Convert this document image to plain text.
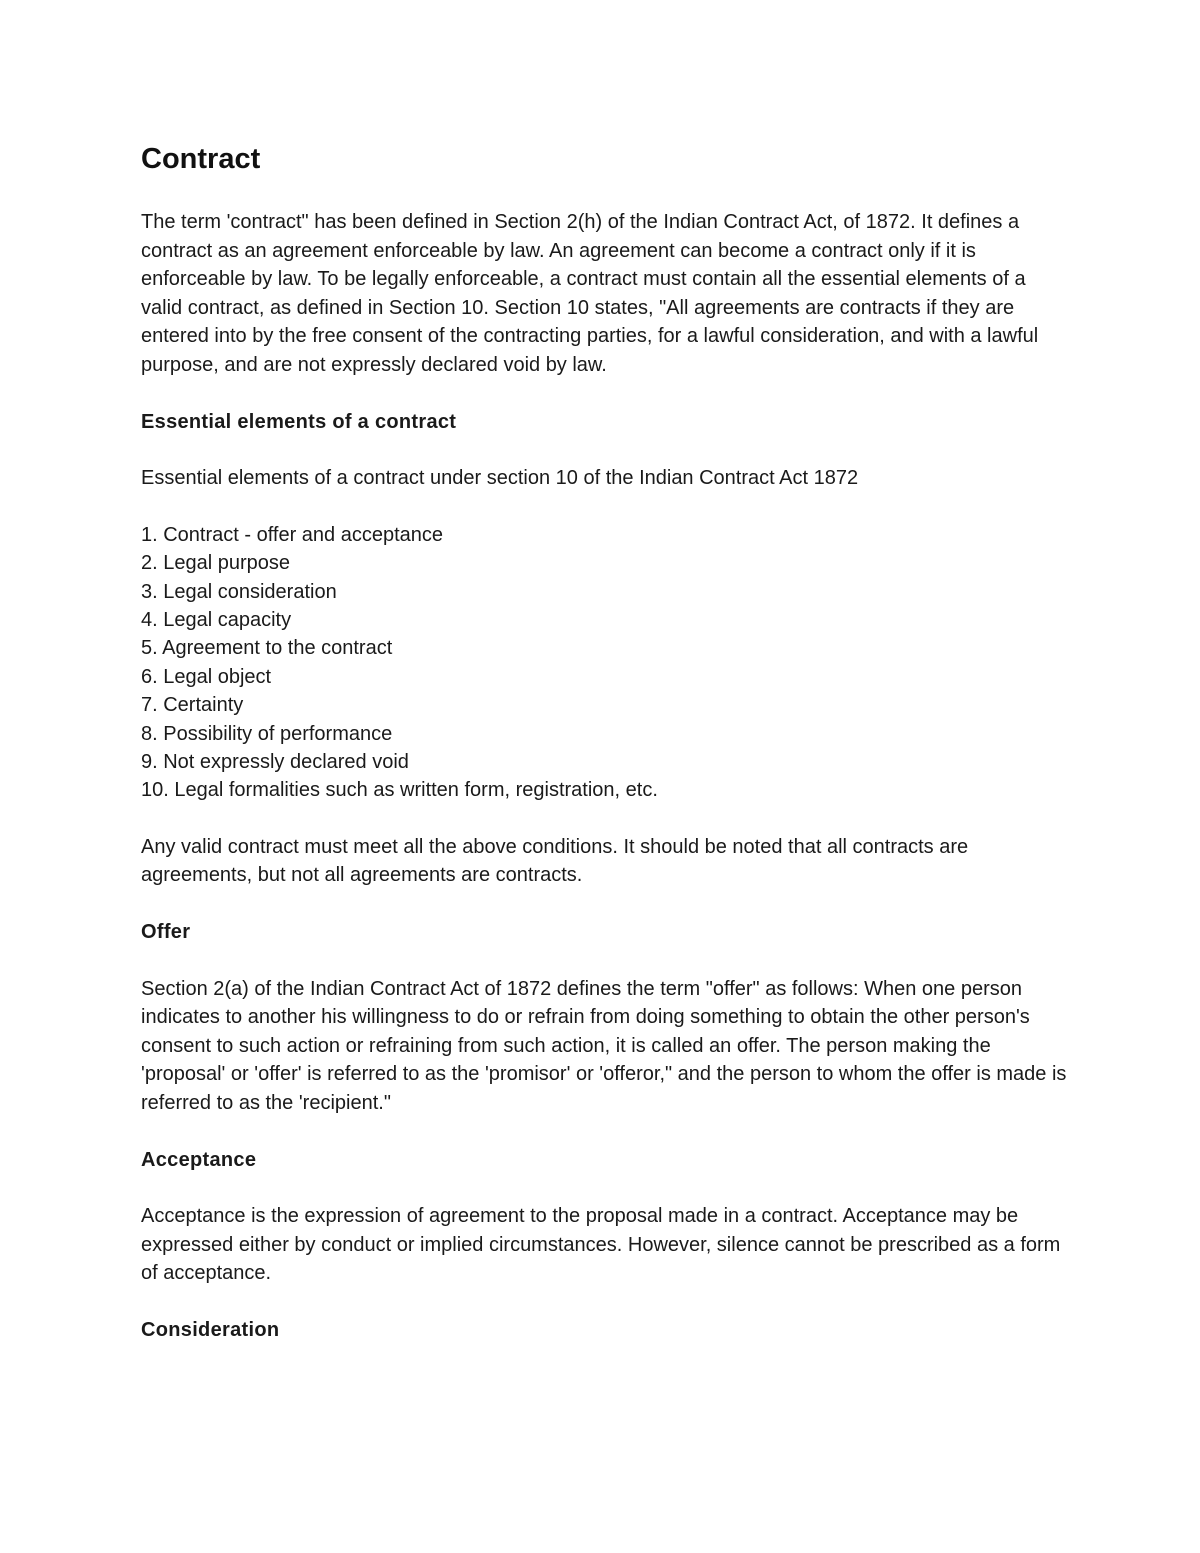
Contract

The term 'contract" has been defined in Section 2(h) of the Indian Contract Act, of 1872. It defines a contract as an agreement enforceable by law. An agreement can become a contract only if it is enforceable by law. To be legally enforceable, a contract must contain all the essential elements of a valid contract, as defined in Section 10. Section 10 states, "All agreements are contracts if they are entered into by the free consent of the contracting parties, for a lawful consideration, and with a lawful purpose, and are not expressly declared void by law.

Essential elements of a contract

Essential elements of a contract under section 10 of the Indian Contract Act 1872

1. Contract - offer and acceptance
2. Legal purpose
3. Legal consideration
4. Legal capacity
5. Agreement to the contract
6. Legal object
7. Certainty
8. Possibility of performance
9. Not expressly declared void
10. Legal formalities such as written form, registration, etc.

Any valid contract must meet all the above conditions. It should be noted that all contracts are agreements, but not all agreements are contracts.

Offer

Section 2(a) of the Indian Contract Act of 1872 defines the term "offer" as follows: When one person indicates to another his willingness to do or refrain from doing something to obtain the other person's consent to such action or refraining from such action, it is called an offer. The person making the 'proposal' or 'offer' is referred to as the 'promisor' or 'offeror," and the person to whom the offer is made is referred to as the 'recipient."

Acceptance

Acceptance is the expression of agreement to the proposal made in a contract. Acceptance may be expressed either by conduct or implied circumstances. However, silence cannot be prescribed as a form of acceptance.

Consideration
